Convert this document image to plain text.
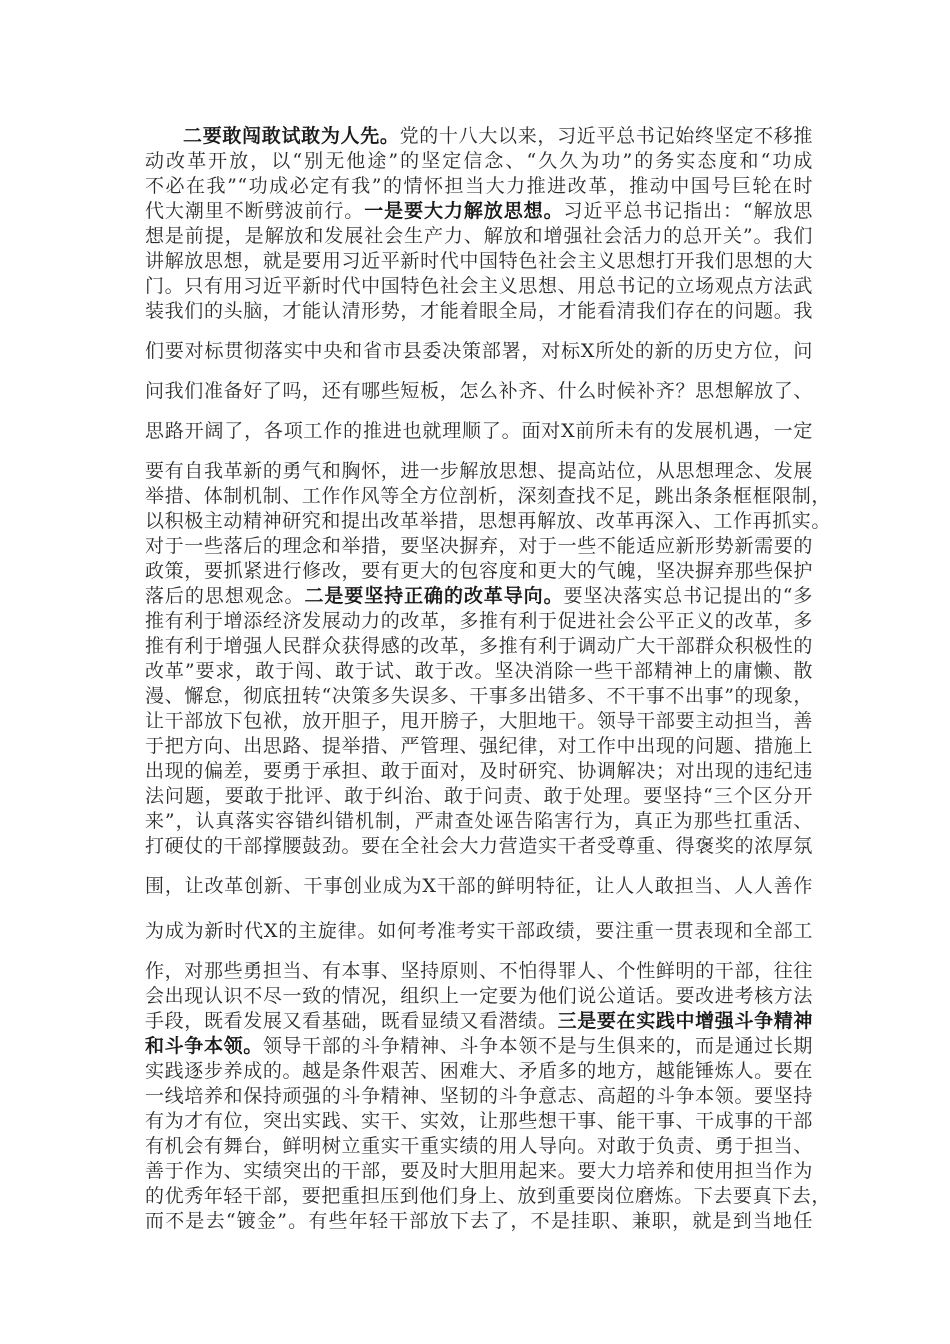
二要敢闯敢试敢为人先。党的十八大以来，习近平总书记始终坚定不移推
动改革开放，以“别无他途”的坚定信念、“久久为功”的务实态度和“功成
不必在我”“功成必定有我”的情怀担当大力推进改革，推动中国号巨轮在时
代大潮里不断劈波前行。一是要大力解放思想。习近平总书记指出：“解放思
想是前提，是解放和发展社会生产力、解放和增强社会活力的总开关”。我们
讲解放思想，就是要用习近平新时代中国特色社会主义思想打开我们思想的大
门。只有用习近平新时代中国特色社会主义思想、用总书记的立场观点方法武
装我们的头脑，才能认清形势，才能着眼全局，才能看清我们存在的问题。我
们要对标贯彻落实中央和省市县委决策部署，对标X所处的新的历史方位，问
问我们准备好了吗，还有哪些短板，怎么补齐、什么时候补齐？思想解放了、
思路开阔了，各项工作的推进也就理顺了。面对X前所未有的发展机遇，一定
要有自我革新的勇气和胸怀，进一步解放思想、提高站位，从思想理念、发展
举措、体制机制、工作作风等全方位剖析，深刻查找不足，跳出条条框框限制，
以积极主动精神研究和提出改革举措，思想再解放、改革再深入、工作再抓实。
对于一些落后的理念和举措，要坚决摒弃，对于一些不能适应新形势新需要的
政策，要抓紧进行修改，要有更大的包容度和更大的气魄，坚决摒弃那些保护
落后的思想观念。二是要坚持正确的改革导向。要坚决落实总书记提出的“多
推有利于增添经济发展动力的改革，多推有利于促进社会公平正义的改革，多
推有利于增强人民群众获得感的改革，多推有利于调动广大干部群众积极性的
改革”要求，敢于闯、敢于试、敢于改。坚决消除一些干部精神上的庸懒、散
漫、懈怠，彻底扭转“决策多失误多、干事多出错多、不干事不出事”的现象，
让干部放下包袱，放开胆子，甩开膀子，大胆地干。领导干部要主动担当，善
于把方向、出思路、提举措、严管理、强纪律，对工作中出现的问题、措施上
出现的偏差，要勇于承担、敢于面对，及时研究、协调解决；对出现的违纪违
法问题，要敢于批评、敢于纠治、敢于问责、敢于处理。要坚持“三个区分开
来”，认真落实容错纠错机制，严肃查处诬告陷害行为，真正为那些扛重活、
打硬仗的干部撑腰鼓劲。要在全社会大力营造实干者受尊重、得褒奖的浓厚氛
围，让改革创新、干事创业成为X干部的鲜明特征，让人人敢担当、人人善作
为成为新时代X的主旋律。如何考准考实干部政绩，要注重一贯表现和全部工
作，对那些勇担当、有本事、坚持原则、不怕得罪人、个性鲜明的干部，往往
会出现认识不尽一致的情况，组织上一定要为他们说公道话。要改进考核方法
手段，既看发展又看基础，既看显绩又看潜绩。三是要在实践中增强斗争精神
和斗争本领。领导干部的斗争精神、斗争本领不是与生俱来的，而是通过长期
实践逐步养成的。越是条件艰苦、困难大、矛盾多的地方，越能锤炼人。要在
一线培养和保持顽强的斗争精神、坚韧的斗争意志、高超的斗争本领。要坚持
有为才有位，突出实践、实干、实效，让那些想干事、能干事、干成事的干部
有机会有舞台，鲜明树立重实干重实绩的用人导向。对敢于负责、勇于担当、
善于作为、实绩突出的干部，要及时大胆用起来。要大力培养和使用担当作为
的优秀年轻干部，要把重担压到他们身上、放到重要岗位磨炼。下去要真下去，
而不是去“镀金”。有些年轻干部放下去了，不是挂职、兼职，就是到当地任
